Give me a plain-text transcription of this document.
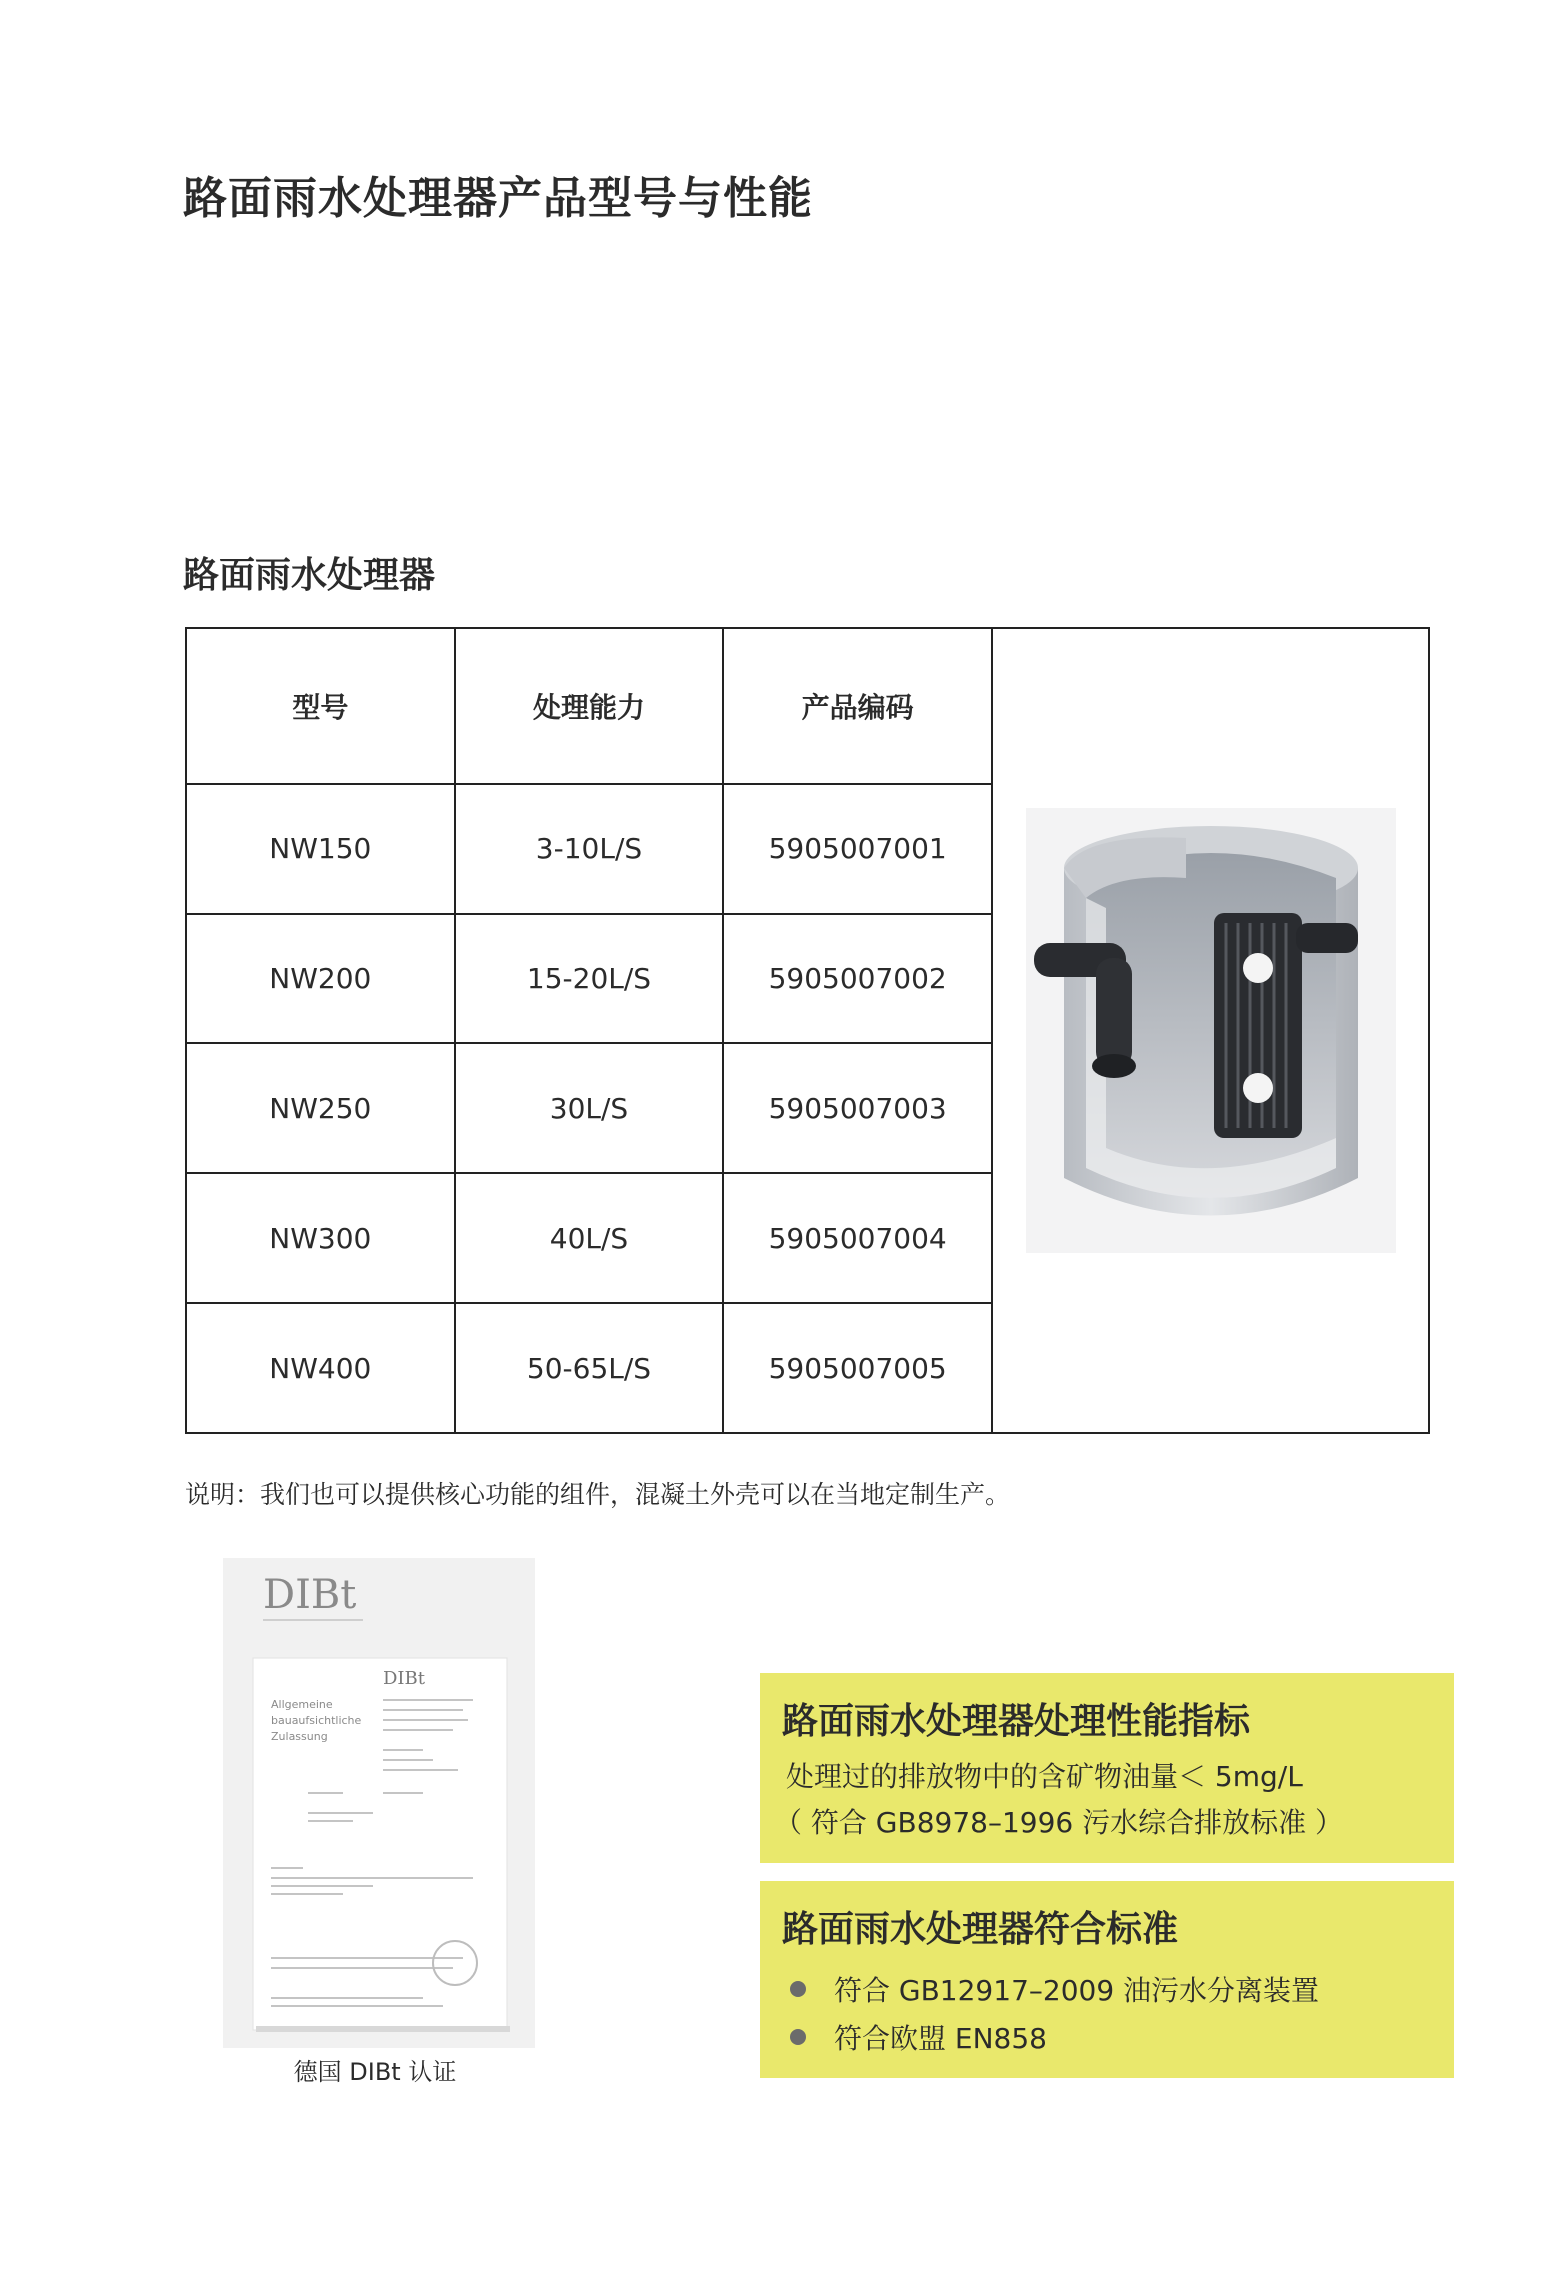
路面雨水处理器产品型号与性能
路面雨水处理器
型号	处理能力	产品编码	

NW150	3-10L/S	5905007001	
NW200	15-20L/S	5905007002	
NW250	30L/S	5905007003	
NW300	40L/S	5905007004	
NW400	50-65L/S	5905007005	
说明：我们也可以提供核心功能的组件，混凝土外壳可以在当地定制生产。
DIBt
DIBt
Allgemeine
bauaufsichtliche
Zulassung
德国 DIBt 认证
路面雨水处理器处理性能指标
处理过的排放物中的含矿物油量＜ 5mg/L
（ 符合 GB8978–1996 污水综合排放标准 ）
路面雨水处理器符合标准
符合 GB12917–2009 油污水分离装置
符合欧盟 EN858
